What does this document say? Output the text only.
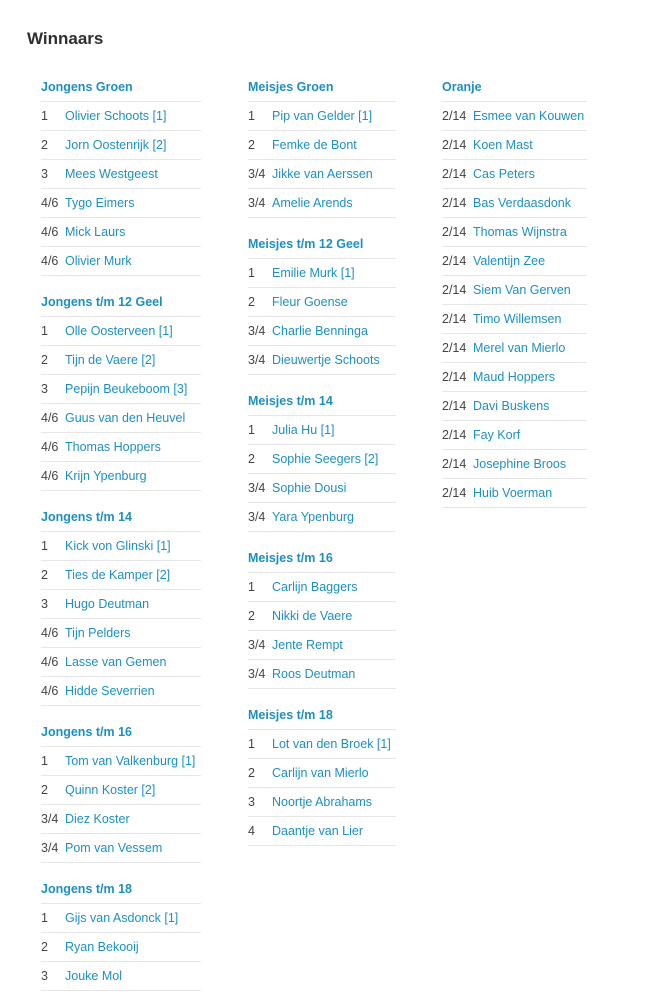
Winnaars
Jongens Groen
1	Olivier Schoots [1]
2	Jorn Oostenrijk [2]
3	Mees Westgeest
4/6 Tygo Eimers
4/6 Mick Laurs
4/6 Olivier Murk
Jongens t/m 12 Geel
1	Olle Oosterveen [1]
2	Tijn de Vaere [2]
3	Pepijn Beukeboom [3]
4/6 Guus van den Heuvel
4/6 Thomas Hoppers
4/6 Krijn Ypenburg
Jongens t/m 14
1	Kick von Glinski [1]
2	Ties de Kamper [2]
3	Hugo Deutman
4/6 Tijn Pelders
4/6 Lasse van Gemen
4/6 Hidde Severrien
Jongens t/m 16
1	Tom van Valkenburg [1]
2	Quinn Koster [2]
3/4 Diez Koster
3/4 Pom van Vessem
Jongens t/m 18
1	Gijs van Asdonck [1]
2	Ryan Bekooij
3	Jouke Mol
Meisjes Groen
1	Pip van Gelder [1]
2	Femke de Bont
3/4 Jikke van Aerssen
3/4 Amelie Arends
Meisjes t/m 12 Geel
1	Emilie Murk [1]
2	Fleur Goense
3/4 Charlie Benninga
3/4 Dieuwertje Schoots
Meisjes t/m 14
1	Julia Hu [1]
2	Sophie Seegers [2]
3/4 Sophie Dousi
3/4 Yara Ypenburg
Meisjes t/m 16
1	Carlijn Baggers
2	Nikki de Vaere
3/4 Jente Rempt
3/4 Roos Deutman
Meisjes t/m 18
1	Lot van den Broek [1]
2	Carlijn van Mierlo
3	Noortje Abrahams
4	Daantje van Lier
Oranje
2/14 Esmee van Kouwen
2/14 Koen Mast
2/14 Cas Peters
2/14 Bas Verdaasdonk
2/14 Thomas Wijnstra
2/14 Valentijn Zee
2/14 Siem Van Gerven
2/14 Timo Willemsen
2/14 Merel van Mierlo
2/14 Maud Hoppers
2/14 Davi Buskens
2/14 Fay Korf
2/14 Josephine Broos
2/14 Huib Voerman
